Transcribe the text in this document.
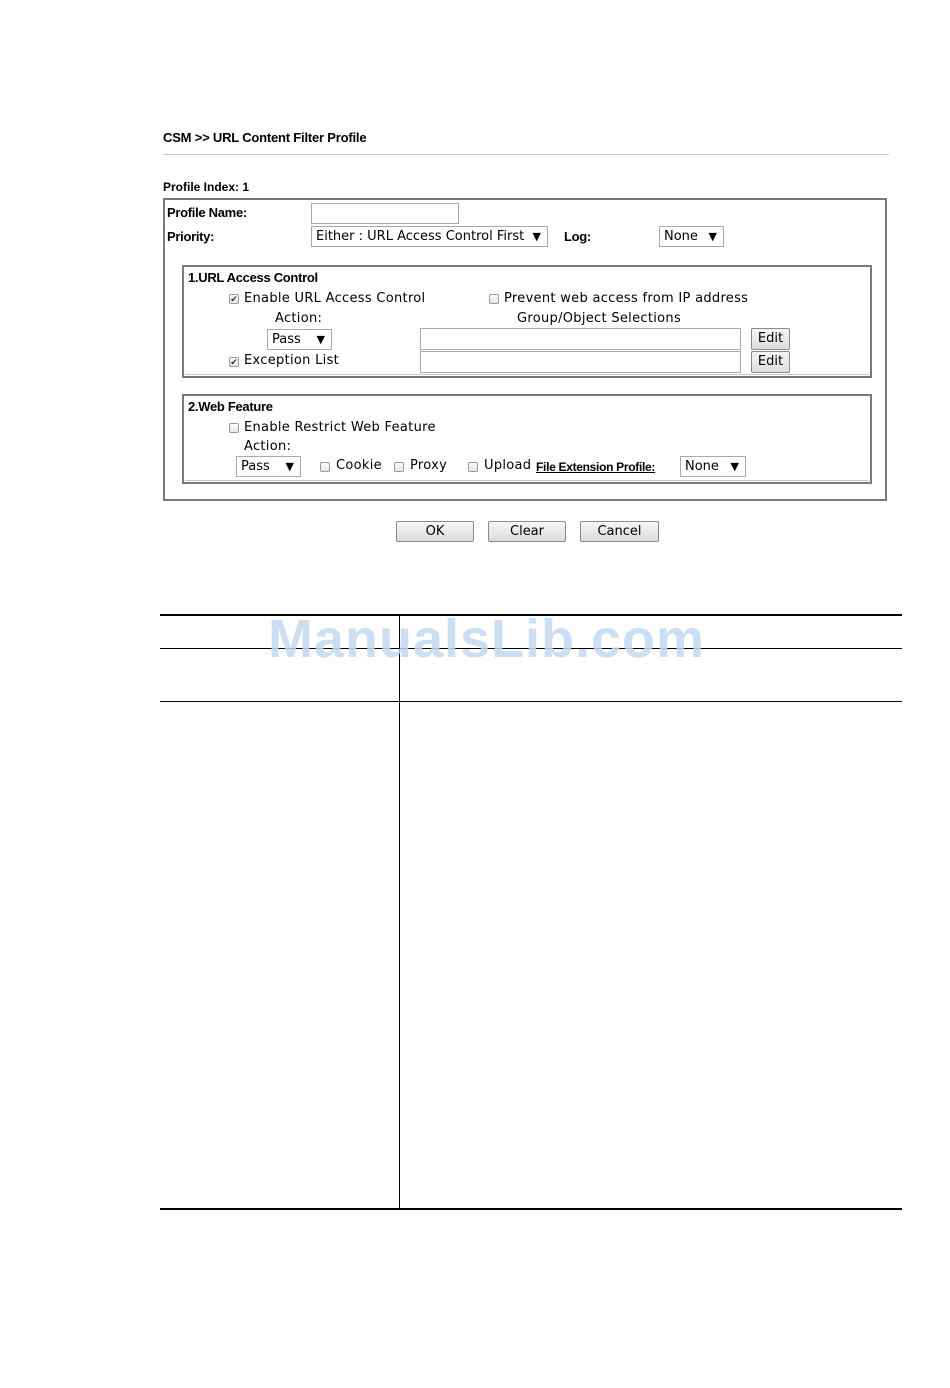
CSM >> URL Content Filter Profile
Profile Index: 1
Profile Name:
Priority:	Either : URL Access Control First ▼ Log:	None ▼
1.URL Access Control
✔ Enable URL Access Control	Prevent web access from IP address
Action:	Group/Object Selections
Pass ▼	Edit
✔ Exception List	Edit
2.Web Feature
Enable Restrict Web Feature
Action:
Pass ▼	Cookie Proxy	Upload File Extension Profile:	None ▼
OK	Clear	Cancel
ManualsLib.com
